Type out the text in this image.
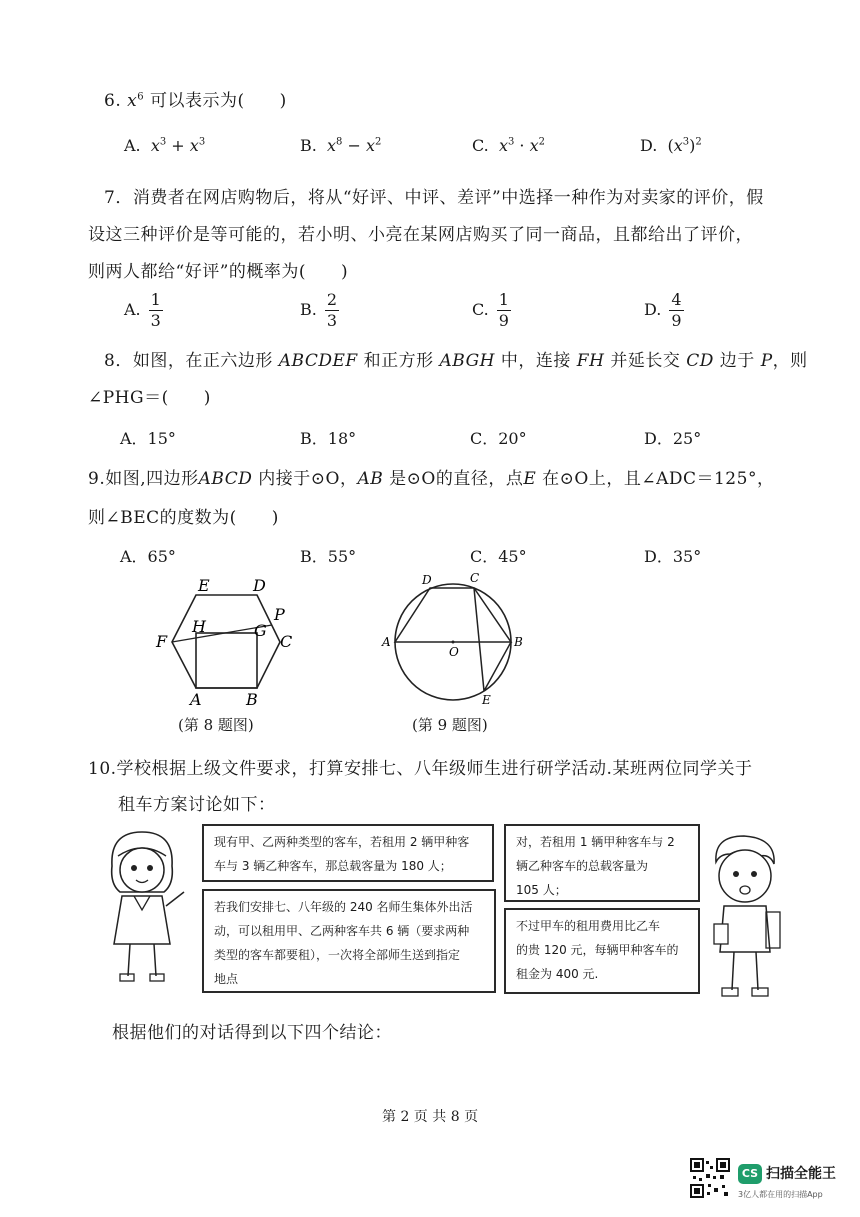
6. $x^6$ 可以表示为(　　)
A. $x^3 + x^3$	B. $x^8 - x^2$	C. $x^3 \cdot x^2$	D.  $(x^3)^2$
7．消费者在网店购物后，将从“好评、中评、差评”中选择一种作为对卖家的评价，假
设这三种评价是等可能的，若小明、小亮在某网店购买了同一商品，且都给出了评价，
则两人都给“好评”的概率为(　　)
A. $\frac{1}{3}$	B. $\frac{2}{3}$	C. $\frac{1}{9}$	D. $\frac{4}{9}$
8．如图，在正六边形 ABCDEF 和正方形 ABGH 中，连接 FH 并延长交 CD 边于 P，则
∠PHG＝(　　)
A．15°	B．18°	C．20°	D．25°
9.如图,四边形ABCD 内接于⊙O，AB 是⊙O的直径，点E 在⊙O上，且∠ADC＝125°，
则∠BEC的度数为(　　)
A．65°	B．55°	C．45°	D．35°
E	D
P
H	G
F	C
A	B
(第 8 题图)
D	C
A
O
B
E
(第 9 题图)
10.学校根据上级文件要求，打算安排七、八年级师生进行研学活动.某班两位同学关于
租车方案讨论如下：
现有甲、乙两种类型的客车，若租用 2 辆甲种客
车与 3 辆乙种客车，那总载客量为 180 人；
若我们安排七、八年级的 240 名师生集体外出活
动，可以租用甲、乙两种客车共 6 辆（要求两种
类型的客车都要租），一次将全部师生送到指定
地点
对，若租用 1 辆甲种客车与 2
辆乙种客车的总载客量为
105 人；
不过甲车的租用费用比乙车
的贵 120 元，每辆甲种客车的
租金为 400 元.
根据他们的对话得到以下四个结论：
第 2 页 共 8 页
CS 扫描全能王
3亿人都在用的扫描App
